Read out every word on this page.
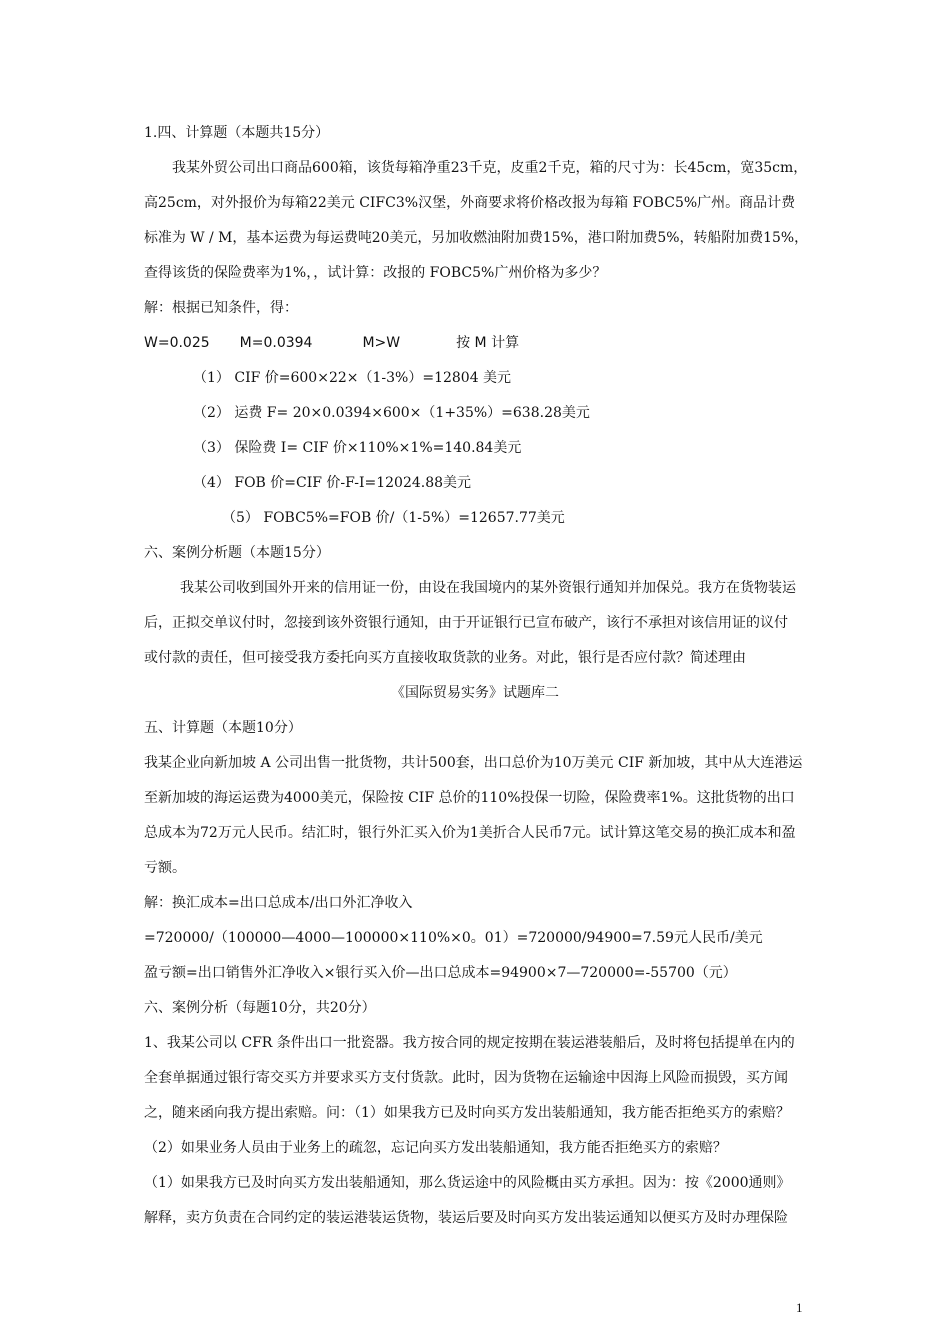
1.四、计算题（本题共15分）
我某外贸公司出口商品600箱，该货每箱净重23千克，皮重2千克，箱的尺寸为：长45cm，宽35cm，
高25cm，对外报价为每箱22美元 CIFC3%汉堡，外商要求将价格改报为每箱 FOBC5%广州。商品计费
标准为 W / M，基本运费为每运费吨20美元，另加收燃油附加费15%，港口附加费5%，转船附加费15%，
查得该货的保险费率为1%，，试计算：改报的 FOBC5%广州价格为多少？
解：根据已知条件，得：
W=0.025 M=0.0394	M>W	按 M 计算
（1） CIF 价=600×22×（1-3%）=12804 美元
（2） 运费 F= 20×0.0394×600×（1+35%）=638.28美元
（3） 保险费 I= CIF 价×110%×1%=140.84美元
（4） FOB 价=CIF 价-F-I=12024.88美元
（5） FOBC5%=FOB 价/（1-5%）=12657.77美元
六、案例分析题（本题15分）
我某公司收到国外开来的信用证一份，由设在我国境内的某外资银行通知并加保兑。我方在货物装运
后，正拟交单议付时，忽接到该外资银行通知，由于开证银行已宣布破产，该行不承担对该信用证的议付
或付款的责任，但可接受我方委托向买方直接收取货款的业务。对此，银行是否应付款？简述理由
《国际贸易实务》试题库二
五、计算题（本题10分）
我某企业向新加坡 A 公司出售一批货物，共计500套，出口总价为10万美元 CIF 新加坡，其中从大连港运
至新加坡的海运运费为4000美元，保险按 CIF 总价的110%投保一切险，保险费率1%。这批货物的出口
总成本为72万元人民币。结汇时，银行外汇买入价为1美折合人民币7元。试计算这笔交易的换汇成本和盈
亏额。
解：换汇成本=出口总成本/出口外汇净收入
=720000/（100000—4000—100000×110%×0。01）=720000/94900=7.59元人民币/美元
盈亏额=出口销售外汇净收入×银行买入价—出口总成本=94900×7—720000=-55700（元）
六、案例分析（每题10分，共20分）
1、我某公司以 CFR 条件出口一批瓷器。我方按合同的规定按期在装运港装船后，及时将包括提单在内的
全套单据通过银行寄交买方并要求买方支付货款。此时，因为货物在运输途中因海上风险而损毁，买方闻
之，随来函向我方提出索赔。问：（1）如果我方已及时向买方发出装船通知，我方能否拒绝买方的索赔？
（2）如果业务人员由于业务上的疏忽，忘记向买方发出装船通知，我方能否拒绝买方的索赔？
（1）如果我方已及时向买方发出装船通知，那么货运途中的风险概由买方承担。因为：按《2000通则》
解释，卖方负责在合同约定的装运港装运货物，装运后要及时向买方发出装运通知以便买方及时办理保险
1
